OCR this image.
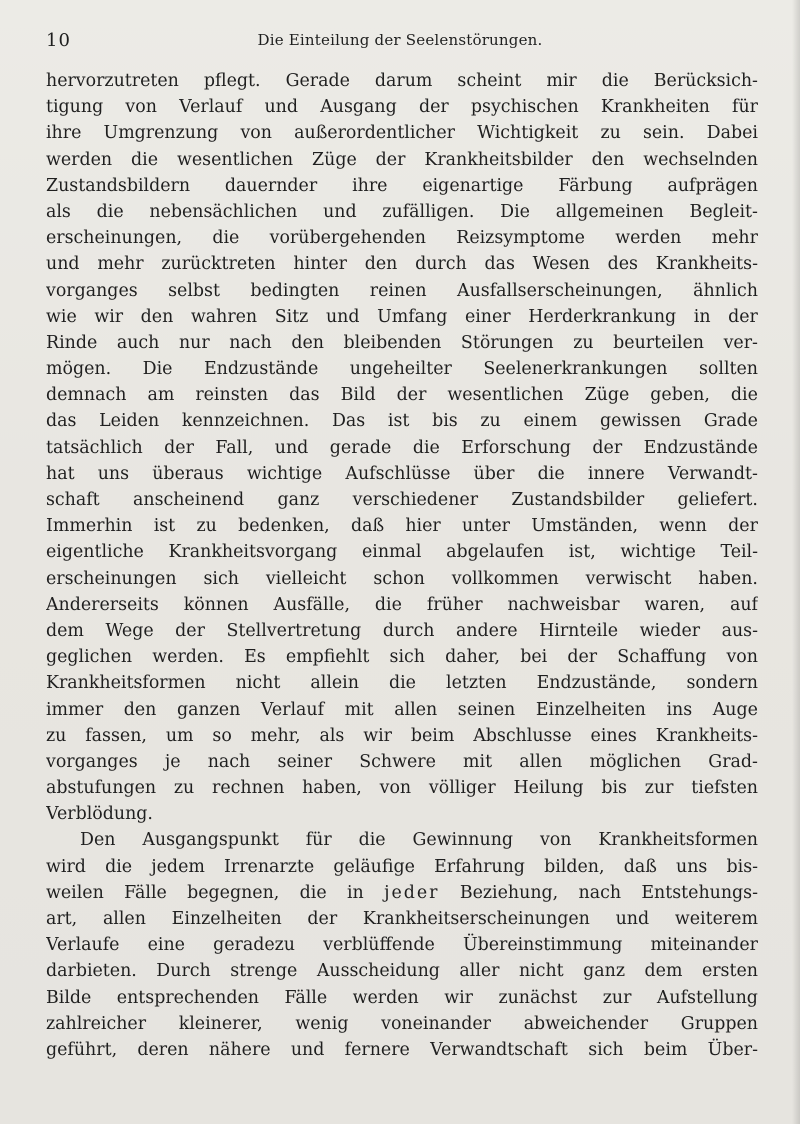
10	Die Einteilung der Seelenstörungen.
hervorzutreten pflegt. Gerade darum scheint mir die Berücksich-
tigung von Verlauf und Ausgang der psychischen Krankheiten für
ihre Umgrenzung von außerordentlicher Wichtigkeit zu sein. Dabei
werden die wesentlichen Züge der Krankheitsbilder den wechselnden
Zustandsbildern dauernder ihre eigenartige Färbung aufprägen
als die nebensächlichen und zufälligen. Die allgemeinen Begleit-
erscheinungen, die vorübergehenden Reizsymptome werden mehr
und mehr zurücktreten hinter den durch das Wesen des Krankheits-
vorganges selbst bedingten reinen Ausfallserscheinungen, ähnlich
wie wir den wahren Sitz und Umfang einer Herderkrankung in der
Rinde auch nur nach den bleibenden Störungen zu beurteilen ver-
mögen. Die Endzustände ungeheilter Seelenerkrankungen sollten
demnach am reinsten das Bild der wesentlichen Züge geben, die
das Leiden kennzeichnen. Das ist bis zu einem gewissen Grade
tatsächlich der Fall, und gerade die Erforschung der Endzustände
hat uns überaus wichtige Aufschlüsse über die innere Verwandt-
schaft anscheinend ganz verschiedener Zustandsbilder geliefert.
Immerhin ist zu bedenken, daß hier unter Umständen, wenn der
eigentliche Krankheitsvorgang einmal abgelaufen ist, wichtige Teil-
erscheinungen sich vielleicht schon vollkommen verwischt haben.
Andererseits können Ausfälle, die früher nachweisbar waren, auf
dem Wege der Stellvertretung durch andere Hirnteile wieder aus-
geglichen werden. Es empfiehlt sich daher, bei der Schaffung von
Krankheitsformen nicht allein die letzten Endzustände, sondern
immer den ganzen Verlauf mit allen seinen Einzelheiten ins Auge
zu fassen, um so mehr, als wir beim Abschlusse eines Krankheits-
vorganges je nach seiner Schwere mit allen möglichen Grad-
abstufungen zu rechnen haben, von völliger Heilung bis zur tiefsten
Verblödung.
Den Ausgangspunkt für die Gewinnung von Krankheitsformen
wird die jedem Irrenarzte geläufige Erfahrung bilden, daß uns bis-
weilen Fälle begegnen, die in jeder Beziehung, nach Entstehungs-
art, allen Einzelheiten der Krankheitserscheinungen und weiterem
Verlaufe eine geradezu verblüffende Übereinstimmung miteinander
darbieten. Durch strenge Ausscheidung aller nicht ganz dem ersten
Bilde entsprechenden Fälle werden wir zunächst zur Aufstellung
zahlreicher kleinerer, wenig voneinander abweichender Gruppen
geführt, deren nähere und fernere Verwandtschaft sich beim Über-
